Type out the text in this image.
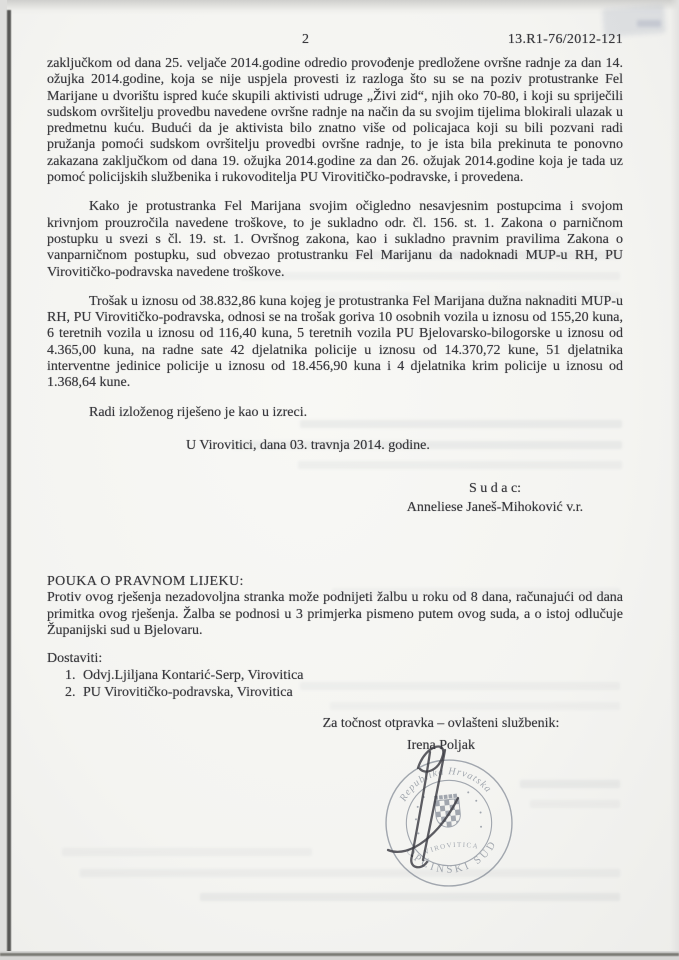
2	13.R1-76/2012-121

zaključkom od dana 25. veljače 2014.godine odredio provođenje predložene ovršne radnje za dan 14. ožujka 2014.godine, koja se nije uspjela provesti iz razloga što su se na poziv protustranke Fel Marijane u dvorištu ispred kuće skupili aktivisti udruge „Živi zid“, njih oko 70-80, i koji su spriječili sudskom ovršitelju provedbu navedene ovršne radnje na način da su svojim tijelima blokirali ulazak u predmetnu kuću. Budući da je aktivista bilo znatno više od policajaca koji su bili pozvani radi pružanja pomoći sudskom ovršitelju provedbi ovršne radnje, to je ista bila prekinuta te ponovno zakazana zaključkom od dana 19. ožujka 2014.godine za dan 26. ožujak 2014.godine koja je tada uz pomoć policijskih službenika i rukovoditelja PU Virovitičko-podravske, i provedena.

Kako je protustranka Fel Marijana svojim očigledno nesavjesnim postupcima i svojom krivnjom prouzročila navedene troškove, to je sukladno odr. čl. 156. st. 1. Zakona o parničnom postupku u svezi s čl. 19. st. 1. Ovršnog zakona, kao i sukladno pravnim pravilima Zakona o vanparničnom postupku, sud obvezao protustranku Fel Marijanu da nadoknadi MUP-u RH, PU Virovitičko-podravska navedene troškove.

Trošak u iznosu od 38.832,86 kuna kojeg je protustranka Fel Marijana dužna naknaditi MUP-u RH, PU Virovitičko-podravska, odnosi se na trošak goriva 10 osobnih vozila u iznosu od 155,20 kuna, 6 teretnih vozila u iznosu od 116,40 kuna, 5 teretnih vozila PU Bjelovarsko-bilogorske u iznosu od 4.365,00 kuna, na radne sate 42 djelatnika policije u iznosu od 14.370,72 kune, 51 djelatnika interventne jedinice policije u iznosu od 18.456,90 kuna i 4 djelatnika krim policije u iznosu od 1.368,64 kune.

Radi izloženog riješeno je kao u izreci.

U Virovitici, dana 03. travnja 2014. godine.

S u d a c:
Anneliese Janeš-Mihoković v.r.
POUKA O PRAVNOM LIJEKU:
Protiv ovog rješenja nezadovoljna stranka može podnijeti žalbu u roku od 8 dana, računajući od dana primitka ovog rješenja. Žalba se podnosi u 3 primjerka pismeno putem ovog suda, a o istoj odlučuje Županijski sud u Bjelovaru.
Dostaviti:
1. Odvj.Ljiljana Kontarić-Serp, Virovitica
2. PU Virovitičko-podravska, Virovitica
Za točnost otpravka – ovlašteni službenik:
Irena Poljak
Republika Hrvatska
OPĆINSKI SUD
VIROVITICA
